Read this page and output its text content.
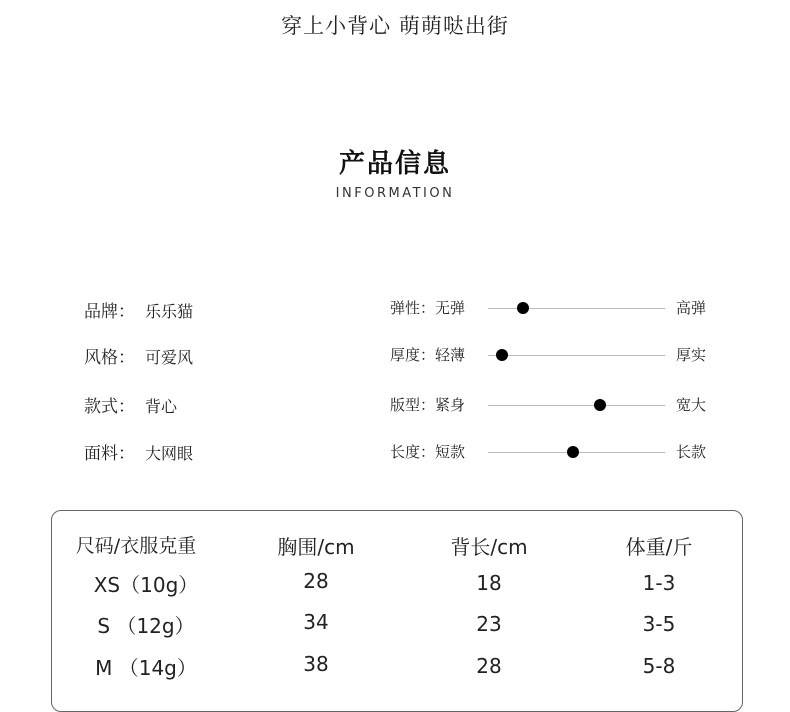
穿上小背心 萌萌哒出街
产品信息
INFORMATION
品牌： 乐乐猫
风格： 可爱风
款式： 背心
面料： 大网眼
弹性：无弹	高弹
厚度：轻薄	厚实
版型：紧身	宽大
长度：短款	长款
尺码/衣服克重	胸围/cm	背长/cm	体重/斤
XS（10g）	28	18	1-3
S （12g）	34	23	3-5
M （14g）	38	28	5-8
